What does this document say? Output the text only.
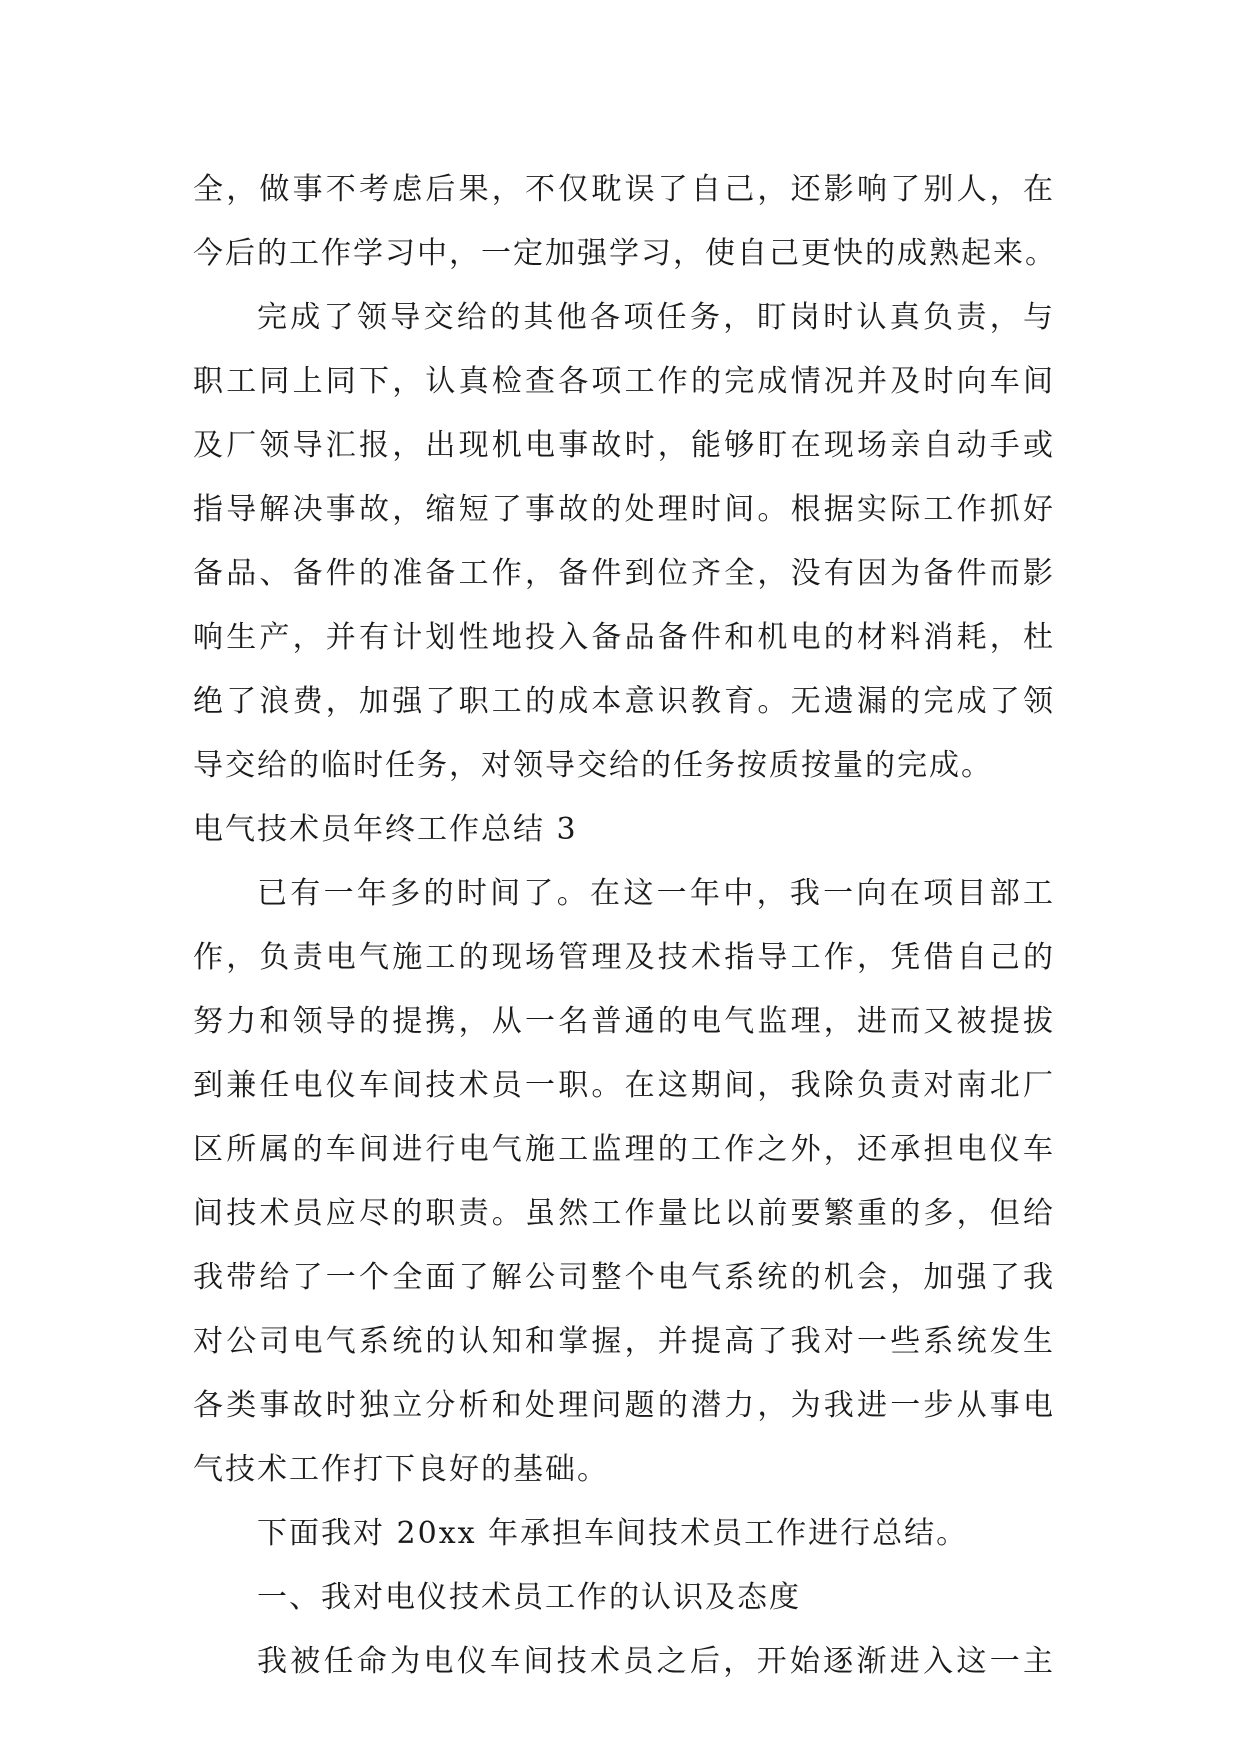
全，做事不考虑后果，不仅耽误了自己，还影响了别人，在
今后的工作学习中，一定加强学习，使自己更快的成熟起来。
完成了领导交给的其他各项任务，盯岗时认真负责，与
职工同上同下，认真检查各项工作的完成情况并及时向车间
及厂领导汇报，出现机电事故时，能够盯在现场亲自动手或
指导解决事故，缩短了事故的处理时间。根据实际工作抓好
备品、备件的准备工作，备件到位齐全，没有因为备件而影
响生产，并有计划性地投入备品备件和机电的材料消耗，杜
绝了浪费，加强了职工的成本意识教育。无遗漏的完成了领
导交给的临时任务，对领导交给的任务按质按量的完成。
电气技术员年终工作总结 3
已有一年多的时间了。在这一年中，我一向在项目部工
作，负责电气施工的现场管理及技术指导工作，凭借自己的
努力和领导的提携，从一名普通的电气监理，进而又被提拔
到兼任电仪车间技术员一职。在这期间，我除负责对南北厂
区所属的车间进行电气施工监理的工作之外，还承担电仪车
间技术员应尽的职责。虽然工作量比以前要繁重的多，但给
我带给了一个全面了解公司整个电气系统的机会，加强了我
对公司电气系统的认知和掌握，并提高了我对一些系统发生
各类事故时独立分析和处理问题的潜力，为我进一步从事电
气技术工作打下良好的基础。
下面我对 20xx 年承担车间技术员工作进行总结。
一、我对电仪技术员工作的认识及态度
我被任命为电仪车间技术员之后，开始逐渐进入这一主
